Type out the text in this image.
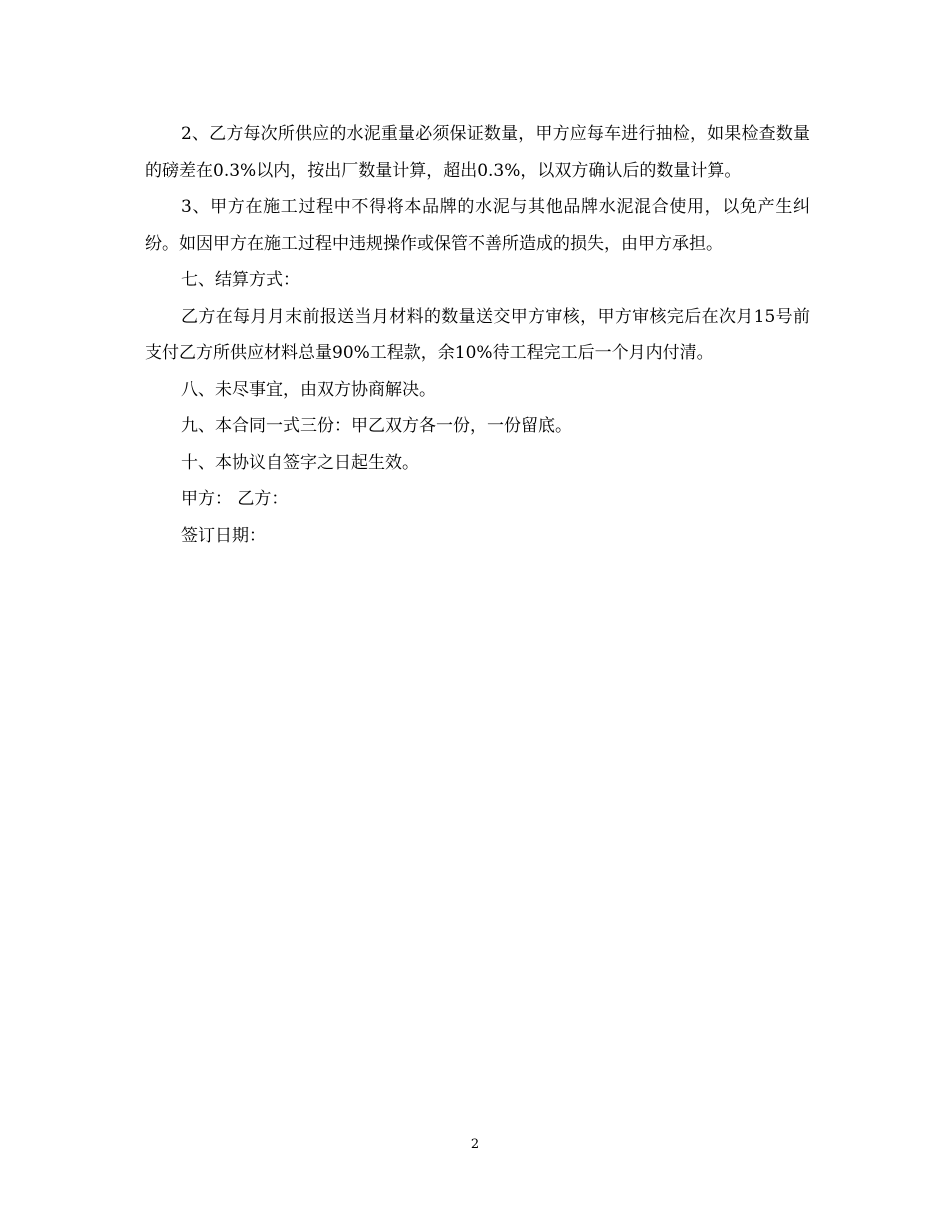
2、乙方每次所供应的水泥重量必须保证数量，甲方应每车进行抽检，如果检查数量的磅差在0.3%以内，按出厂数量计算，超出0.3%，以双方确认后的数量计算。

3、甲方在施工过程中不得将本品牌的水泥与其他品牌水泥混合使用，以免产生纠纷。如因甲方在施工过程中违规操作或保管不善所造成的损失，由甲方承担。

七、结算方式：

乙方在每月月末前报送当月材料的数量送交甲方审核，甲方审核完后在次月15号前支付乙方所供应材料总量90%工程款，余10%待工程完工后一个月内付清。

八、未尽事宜，由双方协商解决。

九、本合同一式三份：甲乙双方各一份，一份留底。

十、本协议自签字之日起生效。

甲方： 乙方：

签订日期：

2
